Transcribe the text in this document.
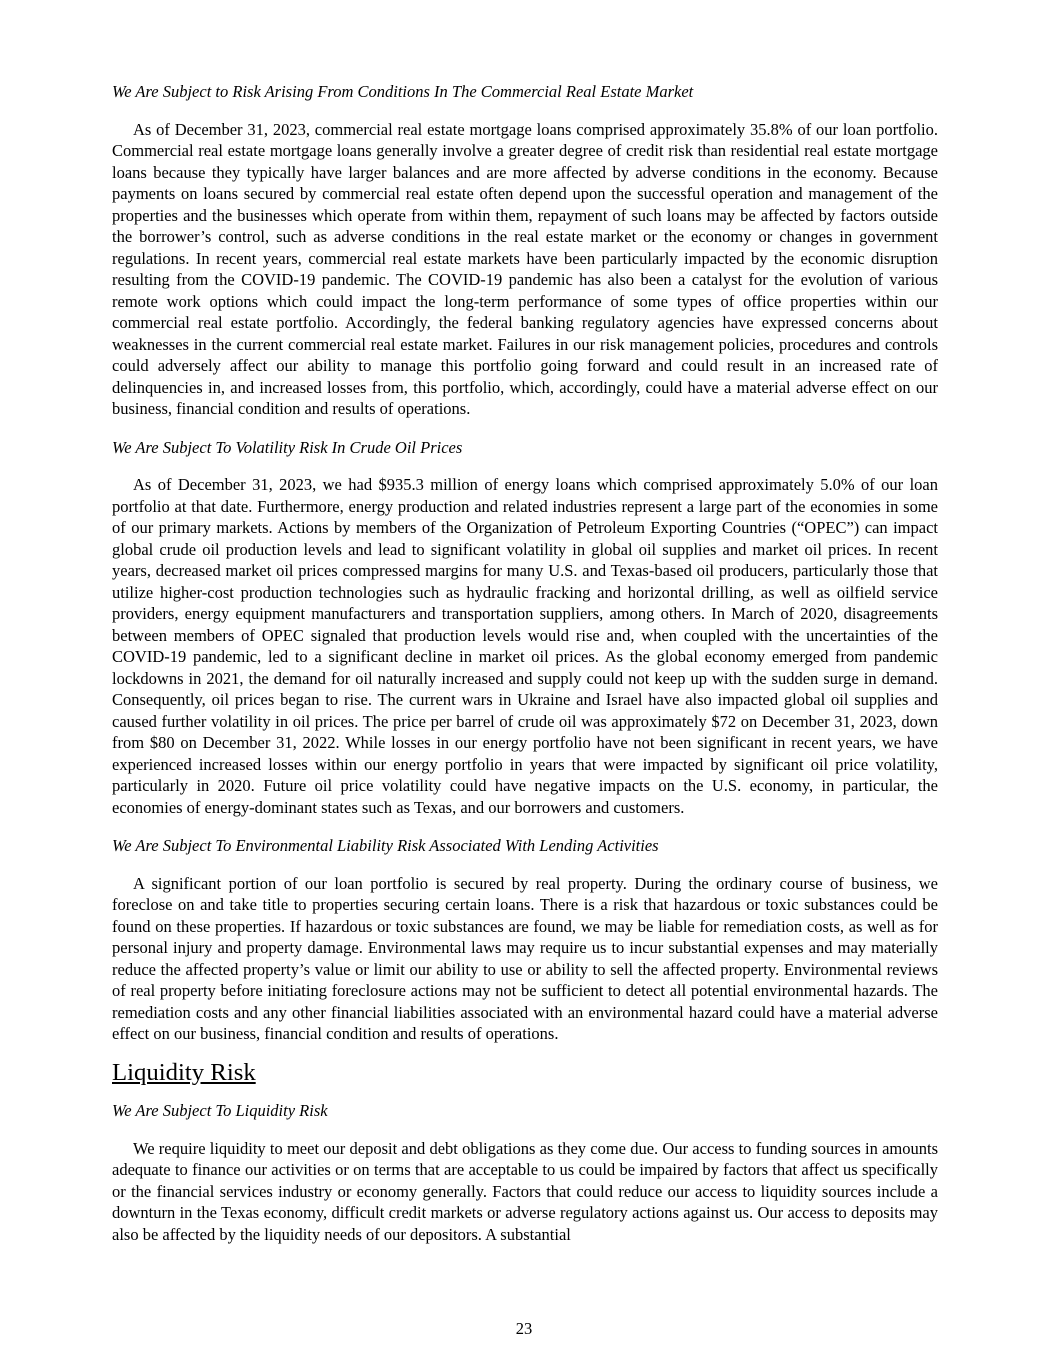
We Are Subject to Risk Arising From Conditions In The Commercial Real Estate Market

As of December 31, 2023, commercial real estate mortgage loans comprised approximately 35.8% of our loan portfolio. Commercial real estate mortgage loans generally involve a greater degree of credit risk than residential real estate mortgage loans because they typically have larger balances and are more affected by adverse conditions in the economy. Because payments on loans secured by commercial real estate often depend upon the successful operation and management of the properties and the businesses which operate from within them, repayment of such loans may be affected by factors outside the borrower’s control, such as adverse conditions in the real estate market or the economy or changes in government regulations. In recent years, commercial real estate markets have been particularly impacted by the economic disruption resulting from the COVID-19 pandemic. The COVID-19 pandemic has also been a catalyst for the evolution of various remote work options which could impact the long-term performance of some types of office properties within our commercial real estate portfolio. Accordingly, the federal banking regulatory agencies have expressed concerns about weaknesses in the current commercial real estate market. Failures in our risk management policies, procedures and controls could adversely affect our ability to manage this portfolio going forward and could result in an increased rate of delinquencies in, and increased losses from, this portfolio, which, accordingly, could have a material adverse effect on our business, financial condition and results of operations.

We Are Subject To Volatility Risk In Crude Oil Prices

As of December 31, 2023, we had $935.3 million of energy loans which comprised approximately 5.0% of our loan portfolio at that date. Furthermore, energy production and related industries represent a large part of the economies in some of our primary markets. Actions by members of the Organization of Petroleum Exporting Countries (“OPEC”) can impact global crude oil production levels and lead to significant volatility in global oil supplies and market oil prices. In recent years, decreased market oil prices compressed margins for many U.S. and Texas-based oil producers, particularly those that utilize higher-cost production technologies such as hydraulic fracking and horizontal drilling, as well as oilfield service providers, energy equipment manufacturers and transportation suppliers, among others. In March of 2020, disagreements between members of OPEC signaled that production levels would rise and, when coupled with the uncertainties of the COVID-19 pandemic, led to a significant decline in market oil prices. As the global economy emerged from pandemic lockdowns in 2021, the demand for oil naturally increased and supply could not keep up with the sudden surge in demand. Consequently, oil prices began to rise. The current wars in Ukraine and Israel have also impacted global oil supplies and caused further volatility in oil prices. The price per barrel of crude oil was approximately $72 on December 31, 2023, down from $80 on December 31, 2022. While losses in our energy portfolio have not been significant in recent years, we have experienced increased losses within our energy portfolio in years that were impacted by significant oil price volatility, particularly in 2020. Future oil price volatility could have negative impacts on the U.S. economy, in particular, the economies of energy-dominant states such as Texas, and our borrowers and customers.

We Are Subject To Environmental Liability Risk Associated With Lending Activities

A significant portion of our loan portfolio is secured by real property. During the ordinary course of business, we foreclose on and take title to properties securing certain loans. There is a risk that hazardous or toxic substances could be found on these properties. If hazardous or toxic substances are found, we may be liable for remediation costs, as well as for personal injury and property damage. Environmental laws may require us to incur substantial expenses and may materially reduce the affected property’s value or limit our ability to use or ability to sell the affected property. Environmental reviews of real property before initiating foreclosure actions may not be sufficient to detect all potential environmental hazards. The remediation costs and any other financial liabilities associated with an environmental hazard could have a material adverse effect on our business, financial condition and results of operations.

Liquidity Risk
We Are Subject To Liquidity Risk

We require liquidity to meet our deposit and debt obligations as they come due. Our access to funding sources in amounts adequate to finance our activities or on terms that are acceptable to us could be impaired by factors that affect us specifically or the financial services industry or economy generally. Factors that could reduce our access to liquidity sources include a downturn in the Texas economy, difficult credit markets or adverse regulatory actions against us. Our access to deposits may also be affected by the liquidity needs of our depositors. A substantial

23
